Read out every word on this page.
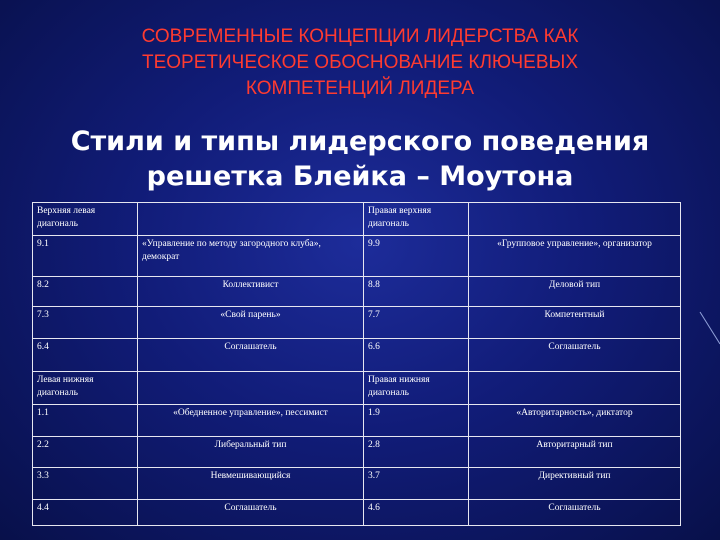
СОВРЕМЕННЫЕ КОНЦЕПЦИИ ЛИДЕРСТВА КАК
ТЕОРЕТИЧЕСКОЕ ОБОСНОВАНИЕ КЛЮЧЕВЫХ
КОМПЕТЕНЦИЙ ЛИДЕРА
Стили и типы лидерского поведения
решетка Блейка – Моутона
Верхняя левая диагональ		Правая верхняя диагональ	
9.1	«Управление по методу загородного клуба», демократ	9.9	«Групповое управление», организатор
8.2	Коллективист	8.8	Деловой тип
7.3	«Свой парень»	7.7	Компетентный
6.4	Соглашатель	6.6	Соглашатель
Левая нижняя диагональ		Правая нижняя диагональ	
1.1	«Обедненное управление», пессимист	1.9	«Авторитарность», диктатор
2.2	Либеральный тип	2.8	Авторитарный тип
3.3	Невмешивающийся	3.7	Директивный тип
4.4	Соглашатель	4.6	Соглашатель
